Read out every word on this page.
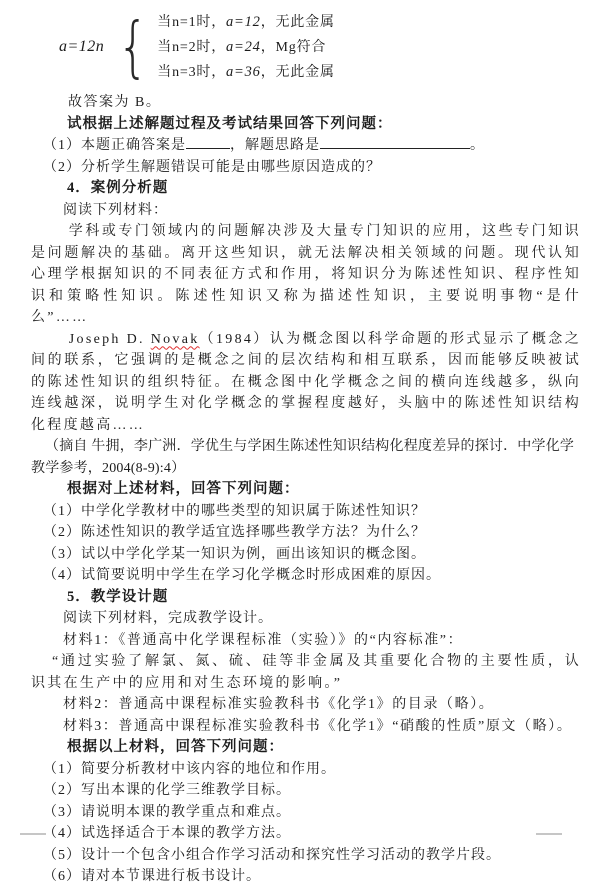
a=12n { 当n=1时，a=12，无此金属
当n=2时，a=24，Mg符合
当n=3时，a=36，无此金属
故答案为 B。
试根据上述解题过程及考试结果回答下列问题：
（1）本题正确答案是	，解题思路是	。
（2）分析学生解题错误可能是由哪些原因造成的？
4．案例分析题
阅读下列材料：
学科或专门领域内的问题解决涉及大量专门知识的应用，这些专门知识是问题解决的基础。离开这些知识，就无法解决相关领域的问题。现代认知心理学根据知识的不同表征方式和作用，将知识分为陈述性知识、程序性知识和策略性知识。陈述性知识又称为描述性知识，主要说明事物“是什么”……
Joseph D. Novak（1984）认为概念图以科学命题的形式显示了概念之间的联系，它强调的是概念之间的层次结构和相互联系，因而能够反映被试的陈述性知识的组织特征。在概念图中化学概念之间的横向连线越多，纵向连线越深，说明学生对化学概念的掌握程度越好，头脑中的陈述性知识结构化程度越高……
（摘自 牛拥，李广洲．学优生与学困生陈述性知识结构化程度差异的探讨．中学化学教学参考，2004(8-9):4）
根据对上述材料，回答下列问题：
（1）中学化学教材中的哪些类型的知识属于陈述性知识？
（2）陈述性知识的教学适宜选择哪些教学方法？为什么？
（3）试以中学化学某一知识为例，画出该知识的概念图。
（4）试简要说明中学生在学习化学概念时形成困难的原因。
5．教学设计题
阅读下列材料，完成教学设计。
材料1：《普通高中化学课程标准（实验）》的“内容标准”：
“通过实验了解氯、氮、硫、硅等非金属及其重要化合物的主要性质，认识其在生产中的应用和对生态环境的影响。”
材料2：普通高中课程标准实验教科书《化学1》的目录（略）。
材料3：普通高中课程标准实验教科书《化学1》“硝酸的性质”原文（略）。
根据以上材料，回答下列问题：
（1）简要分析教材中该内容的地位和作用。
（2）写出本课的化学三维教学目标。
（3）请说明本课的教学重点和难点。
（4）试选择适合于本课的教学方法。
（5）设计一个包含小组合作学习活动和探究性学习活动的教学片段。
（6）请对本节课进行板书设计。
